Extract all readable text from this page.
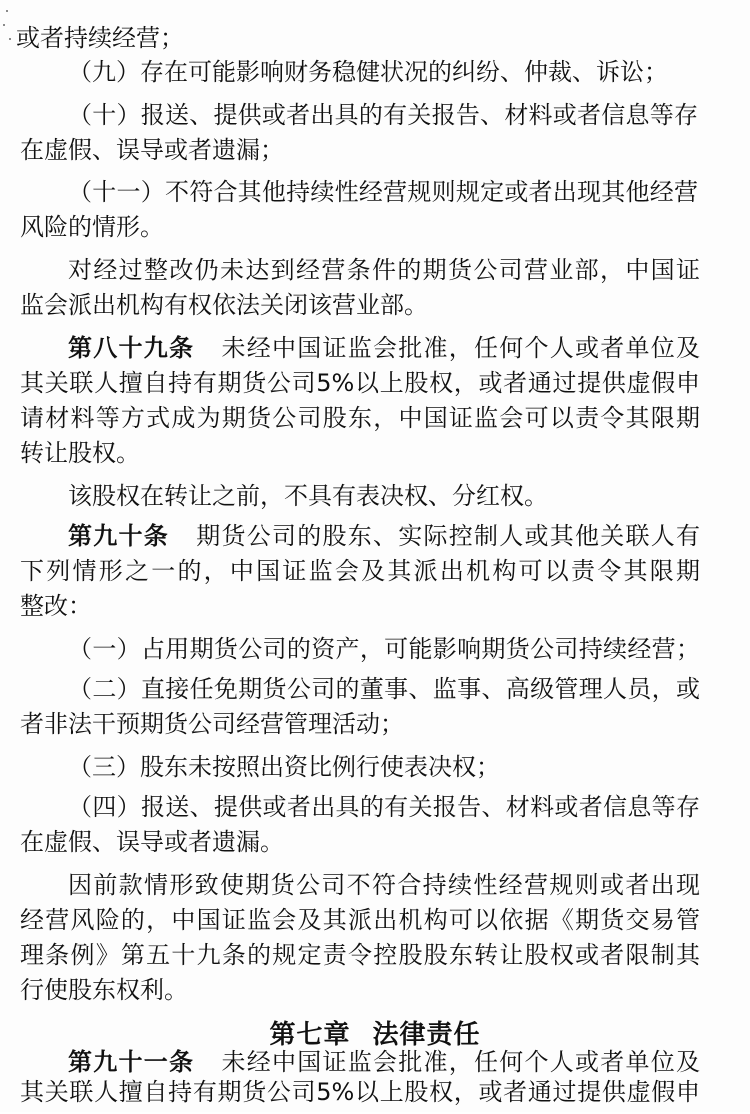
或者持续经营；
（九）存在可能影响财务稳健状况的纠纷、仲裁、诉讼；
（十）报送、提供或者出具的有关报告、材料或者信息等存
在虚假、误导或者遗漏；
（十一）不符合其他持续性经营规则规定或者出现其他经营
风险的情形。
对经过整改仍未达到经营条件的期货公司营业部，中国证
监会派出机构有权依法关闭该营业部。
第八十九条 未经中国证监会批准，任何个人或者单位及
其关联人擅自持有期货公司5%以上股权，或者通过提供虚假申
请材料等方式成为期货公司股东，中国证监会可以责令其限期
转让股权。
该股权在转让之前，不具有表决权、分红权。
第九十条 期货公司的股东、实际控制人或其他关联人有
下列情形之一的，中国证监会及其派出机构可以责令其限期
整改：
（一）占用期货公司的资产，可能影响期货公司持续经营；
（二）直接任免期货公司的董事、监事、高级管理人员，或
者非法干预期货公司经营管理活动；
（三）股东未按照出资比例行使表决权；
（四）报送、提供或者出具的有关报告、材料或者信息等存
在虚假、误导或者遗漏。
因前款情形致使期货公司不符合持续性经营规则或者出现
经营风险的，中国证监会及其派出机构可以依据《期货交易管
理条例》第五十九条的规定责令控股股东转让股权或者限制其
行使股东权利。
第七章 法律责任
第九十一条 未经中国证监会批准，任何个人或者单位及
其关联人擅自持有期货公司5%以上股权，或者通过提供虚假申
